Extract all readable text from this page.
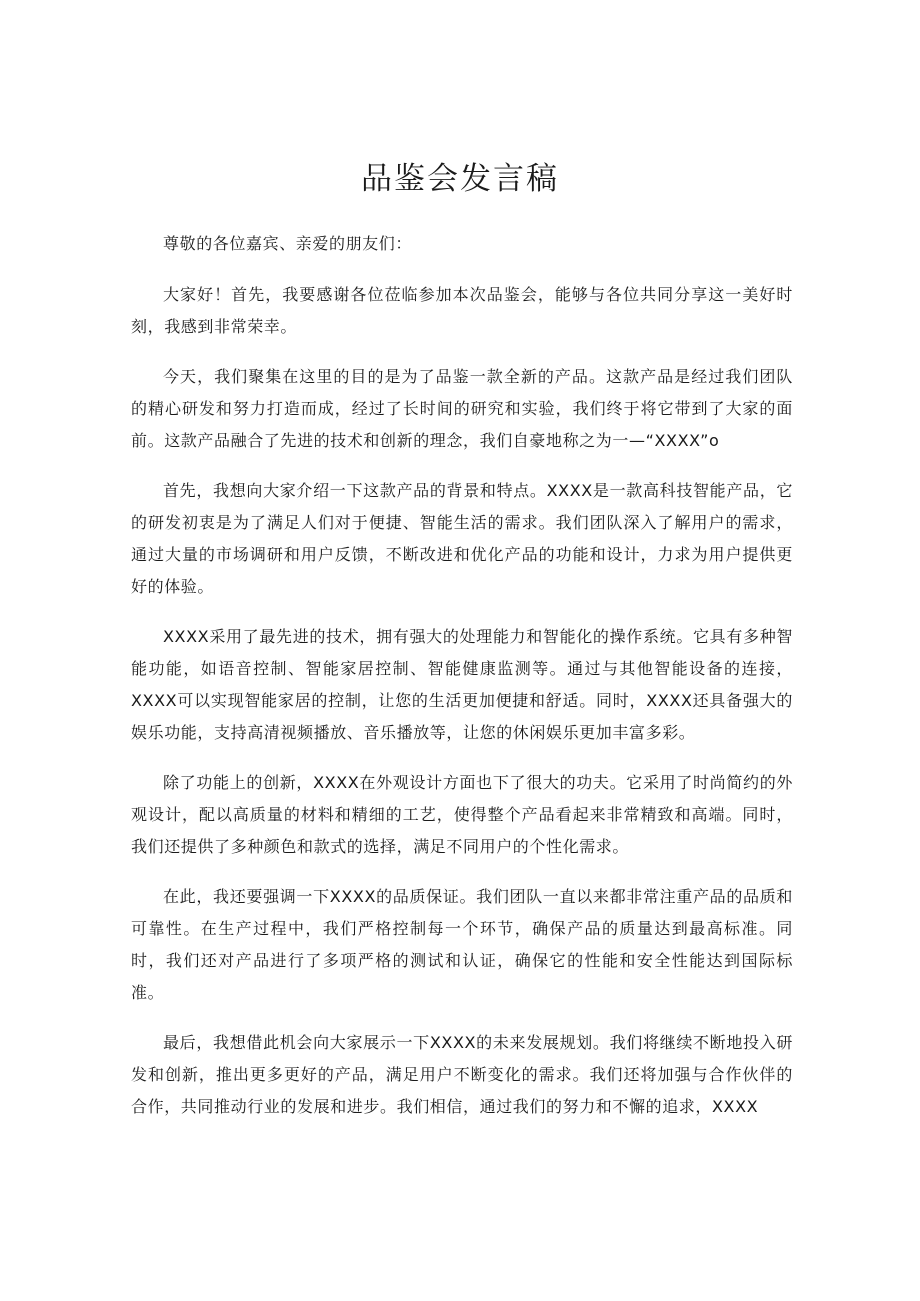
品鉴会发言稿

尊敬的各位嘉宾、亲爱的朋友们：

大家好！首先，我要感谢各位莅临参加本次品鉴会，能够与各位共同分享这一美好时刻，我感到非常荣幸。

今天，我们聚集在这里的目的是为了品鉴一款全新的产品。这款产品是经过我们团队的精心研发和努力打造而成，经过了长时间的研究和实验，我们终于将它带到了大家的面前。这款产品融合了先进的技术和创新的理念，我们自豪地称之为一—“XXXX”o

首先，我想向大家介绍一下这款产品的背景和特点。XXXX是一款高科技智能产品，它的研发初衷是为了满足人们对于便捷、智能生活的需求。我们团队深入了解用户的需求，通过大量的市场调研和用户反馈，不断改进和优化产品的功能和设计，力求为用户提供更好的体验。

XXXX采用了最先进的技术，拥有强大的处理能力和智能化的操作系统。它具有多种智能功能，如语音控制、智能家居控制、智能健康监测等。通过与其他智能设备的连接，XXXX可以实现智能家居的控制，让您的生活更加便捷和舒适。同时，XXXX还具备强大的娱乐功能，支持高清视频播放、音乐播放等，让您的休闲娱乐更加丰富多彩。

除了功能上的创新，XXXX在外观设计方面也下了很大的功夫。它采用了时尚简约的外观设计，配以高质量的材料和精细的工艺，使得整个产品看起来非常精致和高端。同时，我们还提供了多种颜色和款式的选择，满足不同用户的个性化需求。

在此，我还要强调一下XXXX的品质保证。我们团队一直以来都非常注重产品的品质和可靠性。在生产过程中，我们严格控制每一个环节，确保产品的质量达到最高标准。同时，我们还对产品进行了多项严格的测试和认证，确保它的性能和安全性能达到国际标准。

最后，我想借此机会向大家展示一下XXXX的未来发展规划。我们将继续不断地投入研发和创新，推出更多更好的产品，满足用户不断变化的需求。我们还将加强与合作伙伴的合作，共同推动行业的发展和进步。我们相信，通过我们的努力和不懈的追求，XXXX
